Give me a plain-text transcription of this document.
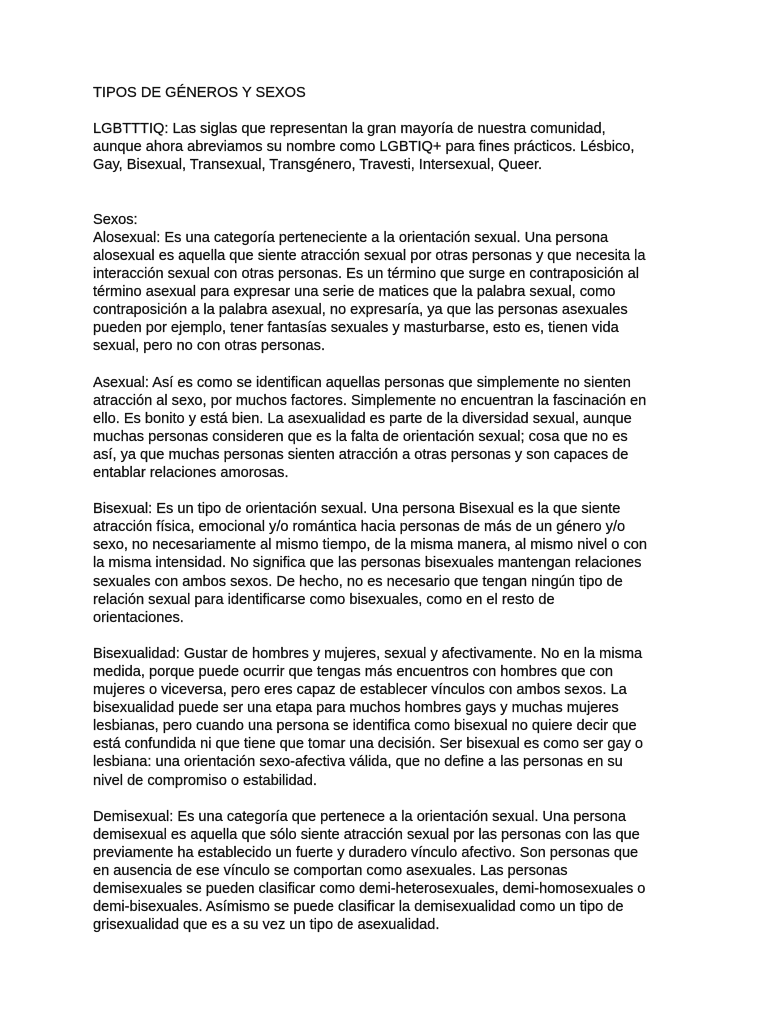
TIPOS DE GÉNEROS Y SEXOS
LGBTTTIQ: Las siglas que representan la gran mayoría de nuestra comunidad,
aunque ahora abreviamos su nombre como LGBTIQ+ para fines prácticos. Lésbico,
Gay, Bisexual, Transexual, Transgénero, Travesti, Intersexual, Queer.
Sexos:
Alosexual: Es una categoría perteneciente a la orientación sexual. Una persona
alosexual es aquella que siente atracción sexual por otras personas y que necesita la
interacción sexual con otras personas. Es un término que surge en contraposición al
término asexual para expresar una serie de matices que la palabra sexual, como
contraposición a la palabra asexual, no expresaría, ya que las personas asexuales
pueden por ejemplo, tener fantasías sexuales y masturbarse, esto es, tienen vida
sexual, pero no con otras personas.
Asexual: Así es como se identifican aquellas personas que simplemente no sienten
atracción al sexo, por muchos factores. Simplemente no encuentran la fascinación en
ello. Es bonito y está bien. La asexualidad es parte de la diversidad sexual, aunque
muchas personas consideren que es la falta de orientación sexual; cosa que no es
así, ya que muchas personas sienten atracción a otras personas y son capaces de
entablar relaciones amorosas.
Bisexual: Es un tipo de orientación sexual. Una persona Bisexual es la que siente
atracción física, emocional y/o romántica hacia personas de más de un género y/o
sexo, no necesariamente al mismo tiempo, de la misma manera, al mismo nivel o con
la misma intensidad. No significa que las personas bisexuales mantengan relaciones
sexuales con ambos sexos. De hecho, no es necesario que tengan ningún tipo de
relación sexual para identificarse como bisexuales, como en el resto de
orientaciones.
Bisexualidad: Gustar de hombres y mujeres, sexual y afectivamente. No en la misma
medida, porque puede ocurrir que tengas más encuentros con hombres que con
mujeres o viceversa, pero eres capaz de establecer vínculos con ambos sexos. La
bisexualidad puede ser una etapa para muchos hombres gays y muchas mujeres
lesbianas, pero cuando una persona se identifica como bisexual no quiere decir que
está confundida ni que tiene que tomar una decisión. Ser bisexual es como ser gay o
lesbiana: una orientación sexo-afectiva válida, que no define a las personas en su
nivel de compromiso o estabilidad.
Demisexual: Es una categoría que pertenece a la orientación sexual. Una persona
demisexual es aquella que sólo siente atracción sexual por las personas con las que
previamente ha establecido un fuerte y duradero vínculo afectivo. Son personas que
en ausencia de ese vínculo se comportan como asexuales. Las personas
demisexuales se pueden clasificar como demi-heterosexuales, demi-homosexuales o
demi-bisexuales. Asímismo se puede clasificar la demisexualidad como un tipo de
grisexualidad que es a su vez un tipo de asexualidad.
